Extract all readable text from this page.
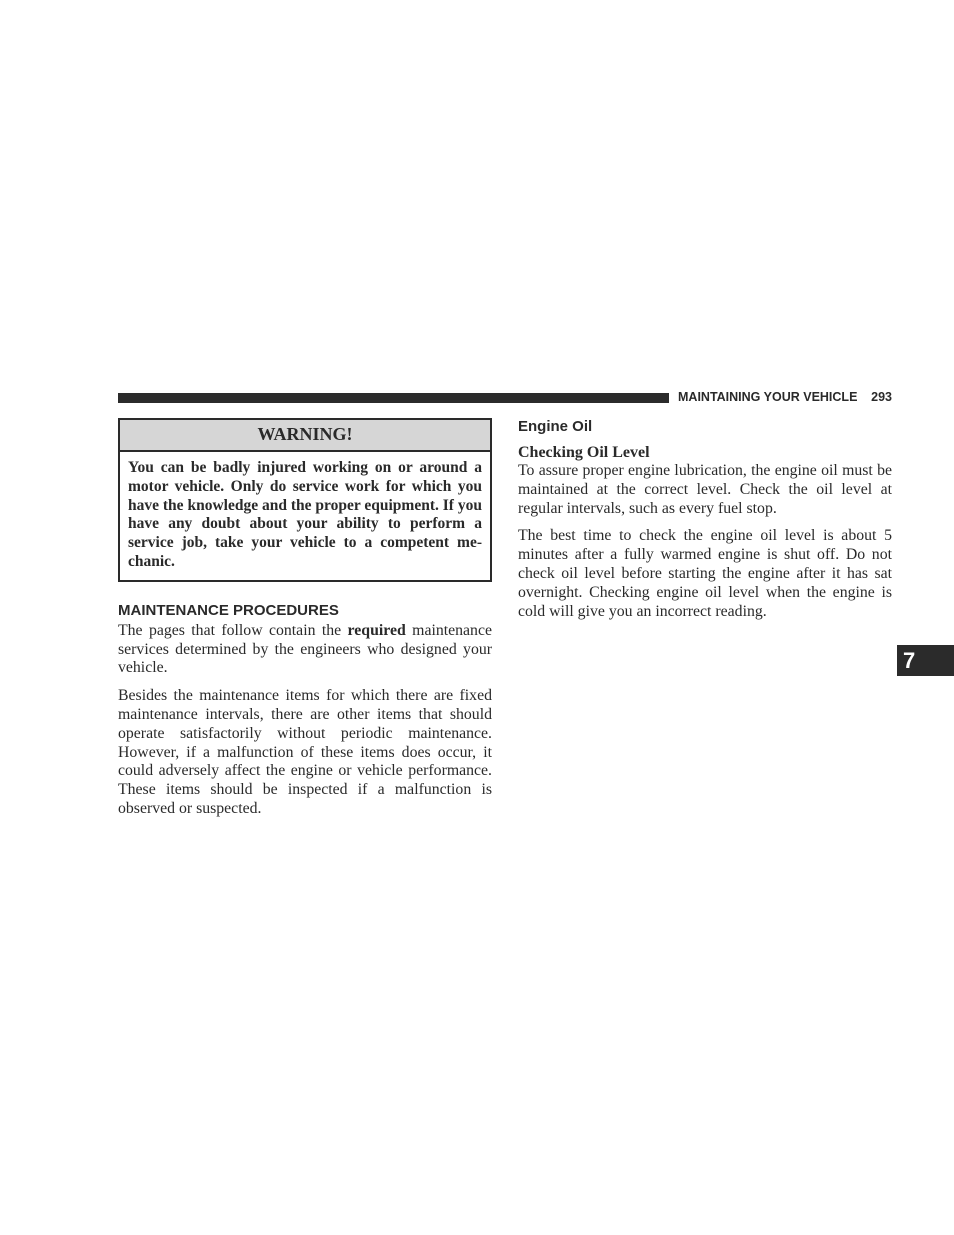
MAINTAINING YOUR VEHICLE 293
WARNING!
You can be badly injured working on or around a motor vehicle. Only do service work for which you have the knowledge and the proper equipment. If you have any doubt about your ability to perform a service job, take your vehicle to a competent me-chanic.
MAINTENANCE PROCEDURES

The pages that follow contain the required maintenance services determined by the engineers who designed your vehicle.

Besides the maintenance items for which there are fixed maintenance intervals, there are other items that should operate satisfactorily without periodic maintenance. However, if a malfunction of these items does occur, it could adversely affect the engine or vehicle performance. These items should be inspected if a malfunction is observed or suspected.

Engine Oil
Checking Oil Level

To assure proper engine lubrication, the engine oil must be maintained at the correct level. Check the oil level at regular intervals, such as every fuel stop.

The best time to check the engine oil level is about 5 minutes after a fully warmed engine is shut off. Do not check oil level before starting the engine after it has sat overnight. Checking engine oil level when the engine is cold will give you an incorrect reading.

7
